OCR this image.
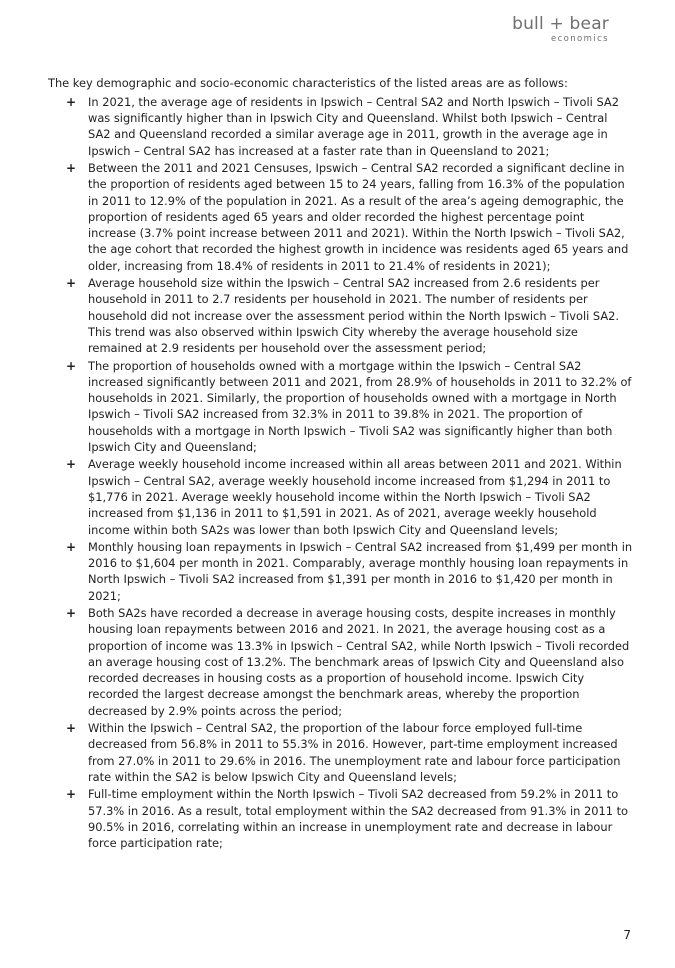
bull + bear
economics

The key demographic and socio-economic characteristics of the listed areas are as follows:

+ In 2021, the average age of residents in Ipswich – Central SA2 and North Ipswich – Tivoli SA2 was significantly higher than in Ipswich City and Queensland. Whilst both Ipswich – Central SA2 and Queensland recorded a similar average age in 2011, growth in the average age in Ipswich – Central SA2 has increased at a faster rate than in Queensland to 2021;
+ Between the 2011 and 2021 Censuses, Ipswich – Central SA2 recorded a significant decline in the proportion of residents aged between 15 to 24 years, falling from 16.3% of the population in 2011 to 12.9% of the population in 2021. As a result of the area’s ageing demographic, the proportion of residents aged 65 years and older recorded the highest percentage point increase (3.7% point increase between 2011 and 2021). Within the North Ipswich – Tivoli SA2, the age cohort that recorded the highest growth in incidence was residents aged 65 years and older, increasing from 18.4% of residents in 2011 to 21.4% of residents in 2021);
+ Average household size within the Ipswich – Central SA2 increased from 2.6 residents per household in 2011 to 2.7 residents per household in 2021. The number of residents per household did not increase over the assessment period within the North Ipswich – Tivoli SA2. This trend was also observed within Ipswich City whereby the average household size remained at 2.9 residents per household over the assessment period;
+ The proportion of households owned with a mortgage within the Ipswich – Central SA2 increased significantly between 2011 and 2021, from 28.9% of households in 2011 to 32.2% of households in 2021. Similarly, the proportion of households owned with a mortgage in North Ipswich – Tivoli SA2 increased from 32.3% in 2011 to 39.8% in 2021. The proportion of households with a mortgage in North Ipswich – Tivoli SA2 was significantly higher than both Ipswich City and Queensland;
+ Average weekly household income increased within all areas between 2011 and 2021. Within Ipswich – Central SA2, average weekly household income increased from $1,294 in 2011 to $1,776 in 2021. Average weekly household income within the North Ipswich – Tivoli SA2 increased from $1,136 in 2011 to $1,591 in 2021. As of 2021, average weekly household income within both SA2s was lower than both Ipswich City and Queensland levels;
+ Monthly housing loan repayments in Ipswich – Central SA2 increased from $1,499 per month in 2016 to $1,604 per month in 2021. Comparably, average monthly housing loan repayments in North Ipswich – Tivoli SA2 increased from $1,391 per month in 2016 to $1,420 per month in 2021;
+ Both SA2s have recorded a decrease in average housing costs, despite increases in monthly housing loan repayments between 2016 and 2021. In 2021, the average housing cost as a proportion of income was 13.3% in Ipswich – Central SA2, while North Ipswich – Tivoli recorded an average housing cost of 13.2%. The benchmark areas of Ipswich City and Queensland also recorded decreases in housing costs as a proportion of household income. Ipswich City recorded the largest decrease amongst the benchmark areas, whereby the proportion decreased by 2.9% points across the period;
+ Within the Ipswich – Central SA2, the proportion of the labour force employed full-time decreased from 56.8% in 2011 to 55.3% in 2016. However, part-time employment increased from 27.0% in 2011 to 29.6% in 2016. The unemployment rate and labour force participation rate within the SA2 is below Ipswich City and Queensland levels;
+ Full-time employment within the North Ipswich – Tivoli SA2 decreased from 59.2% in 2011 to 57.3% in 2016. As a result, total employment within the SA2 decreased from 91.3% in 2011 to 90.5% in 2016, correlating within an increase in unemployment rate and decrease in labour force participation rate;
7
